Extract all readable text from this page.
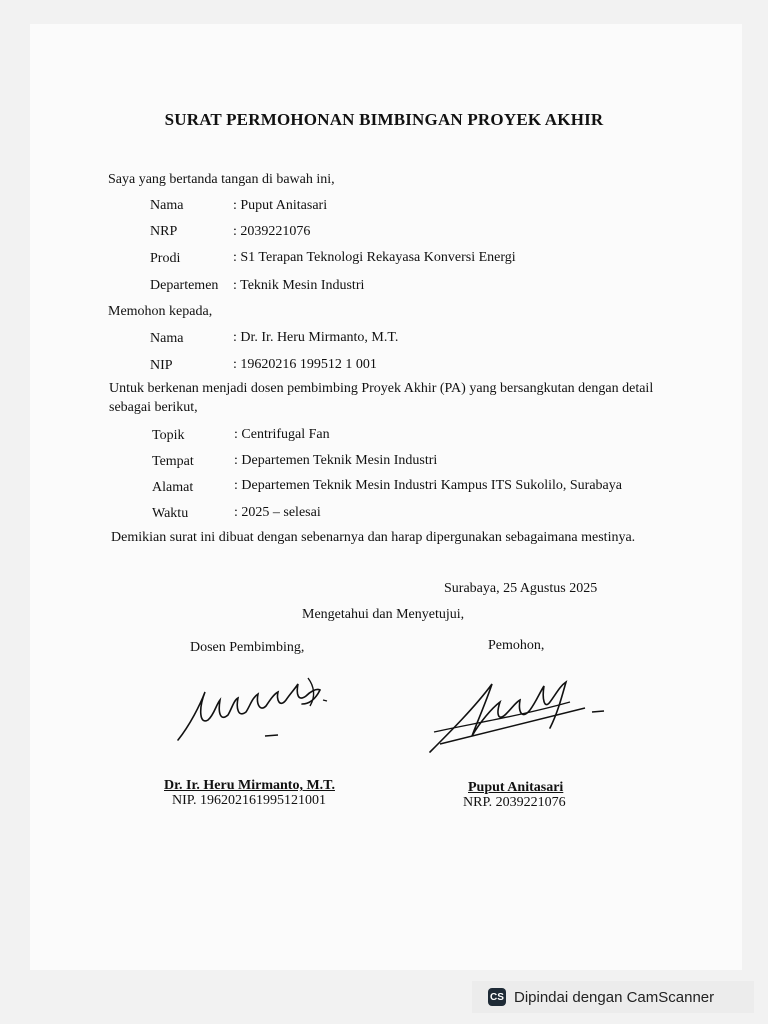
SURAT PERMOHONAN BIMBINGAN PROYEK AKHIR
Saya yang bertanda tangan di bawah ini,
Nama	: Puput Anitasari
NRP	: 2039221076
Prodi	: S1 Terapan Teknologi Rekayasa Konversi Energi
Departemen : Teknik Mesin Industri
Memohon kepada,
Nama	: Dr. Ir. Heru Mirmanto, M.T.
NIP	: 19620216 199512 1 001
Untuk berkenan menjadi dosen pembimbing Proyek Akhir (PA) yang bersangkutan dengan detail
sebagai berikut,
Topik	: Centrifugal Fan
Tempat	: Departemen Teknik Mesin Industri
Alamat	: Departemen Teknik Mesin Industri Kampus ITS Sukolilo, Surabaya
Waktu	: 2025 – selesai
Demikian surat ini dibuat dengan sebenarnya dan harap dipergunakan sebagaimana mestinya.
Surabaya, 25 Agustus 2025
Mengetahui dan Menyetujui,
Dosen Pembimbing,
Dr. Ir. Heru Mirmanto, M.T.
NIP. 196202161995121001
Pemohon,
Puput Anitasari
NRP. 2039221076
CS Dipindai dengan CamScanner
